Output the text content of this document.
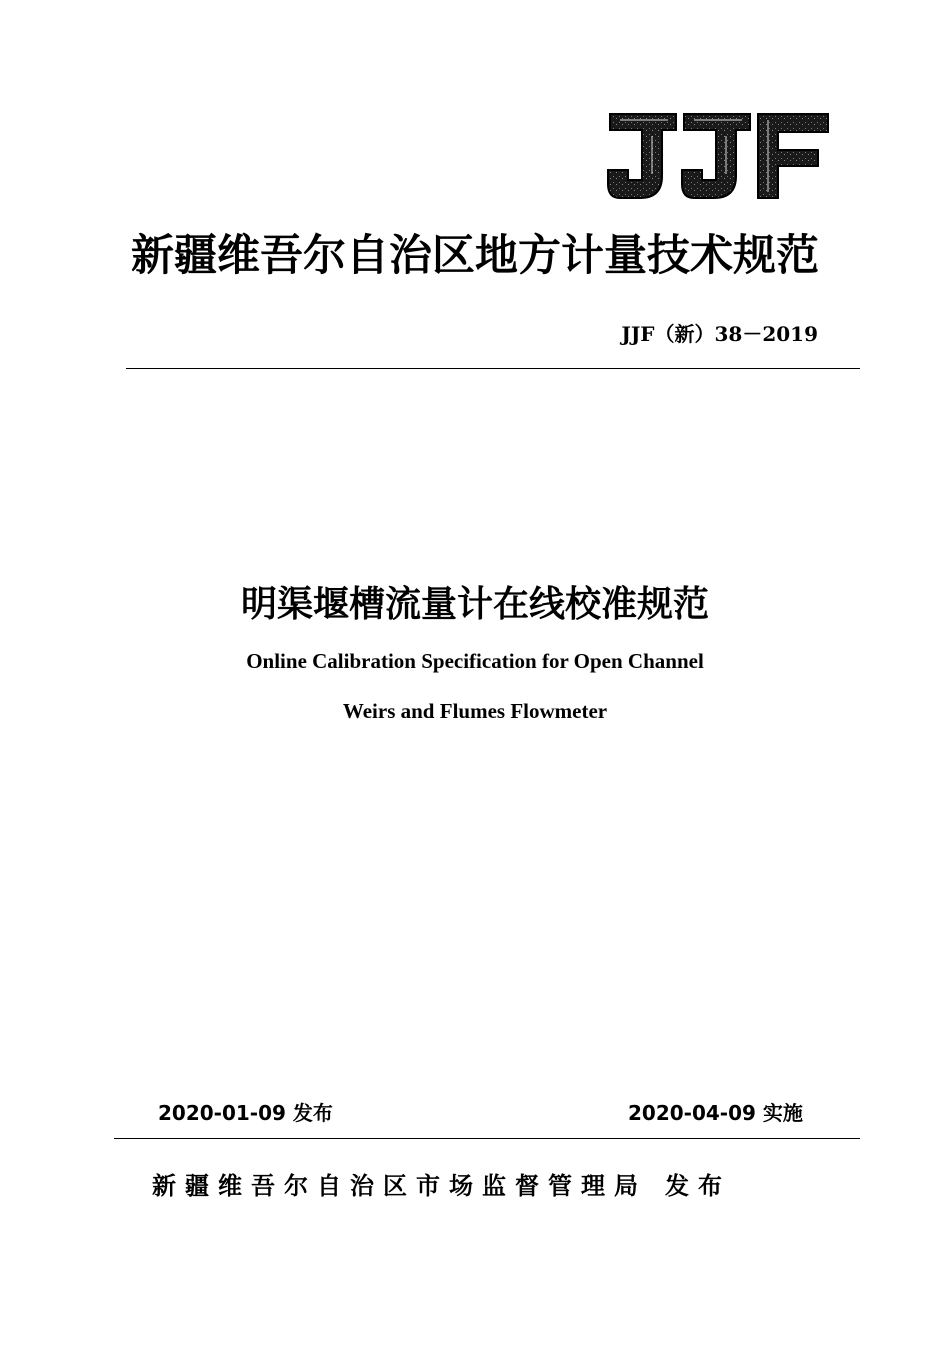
新疆维吾尔自治区地方计量技术规范
JJF（新）38－2019
明渠堰槽流量计在线校准规范
Online Calibration Specification for Open Channel
Weirs and Flumes Flowmeter
2020-01-09 发布	2020-04-09 实施
新疆维吾尔自治区市场监督管理局 发布
